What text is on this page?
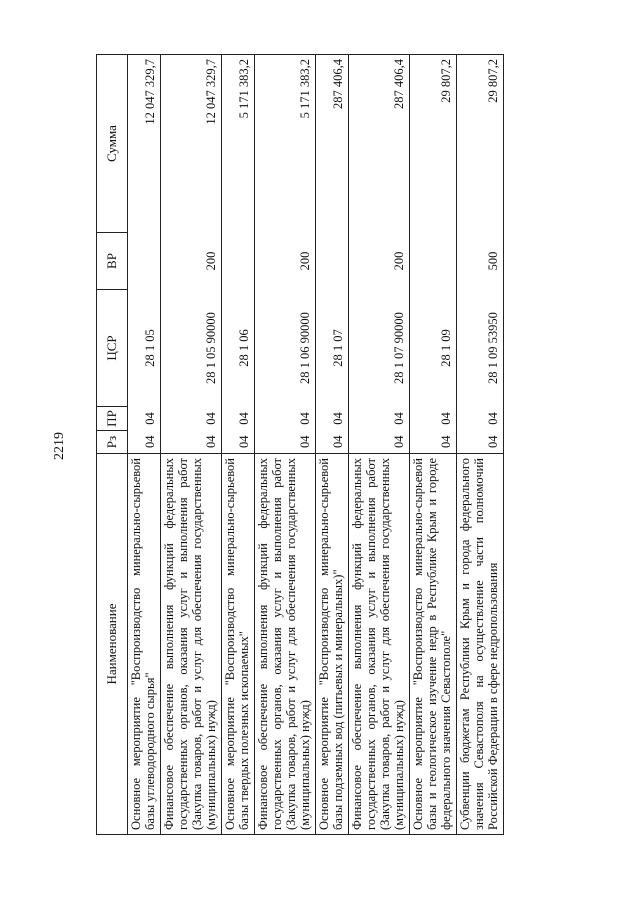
2219
Наименование	Рз	ПР	ЦСР	ВР	Сумма
Основное мероприятие "Воспроизводство минерально-сырьевой базы углеводородного сырья"	04	04	28 1 05		12 047 329,7
Финансовое обеспечение выполнения функций федеральных государственных органов, оказания услуг и выполнения работ (Закупка товаров, работ и услуг для обеспечения государственных (муниципальных) нужд)	04	04	28 1 05 90000	200	12 047 329,7
Основное мероприятие "Воспроизводство минерально-сырьевой базы твердых полезных ископаемых"	04	04	28 1 06		5 171 383,2
Финансовое обеспечение выполнения функций федеральных государственных органов, оказания услуг и выполнения работ (Закупка товаров, работ и услуг для обеспечения государственных (муниципальных) нужд)	04	04	28 1 06 90000	200	5 171 383,2
Основное мероприятие "Воспроизводство минерально-сырьевой базы подземных вод (питьевых и минеральных)"	04	04	28 1 07		287 406,4
Финансовое обеспечение выполнения функций федеральных государственных органов, оказания услуг и выполнения работ (Закупка товаров, работ и услуг для обеспечения государственных (муниципальных) нужд)	04	04	28 1 07 90000	200	287 406,4
Основное мероприятие "Воспроизводство минерально-сырьевой базы и геологическое изучение недр в Республике Крым и городе федерального значения Севастополе"	04	04	28 1 09		29 807,2
Субвенции бюджетам Республики Крым и города федерального значения Севастополя на осуществление части полномочий Российской Федерации в сфере недропользования	04	04	28 1 09 53950	500	29 807,2
